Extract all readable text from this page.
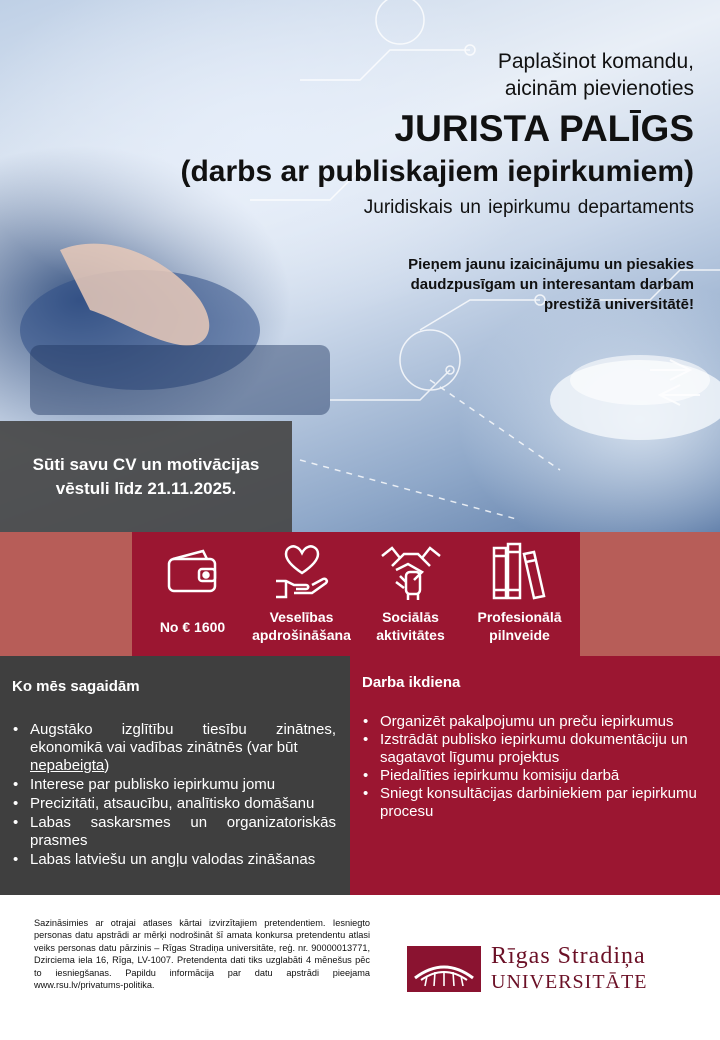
Paplašinot komandu,
aicinām pievienoties
JURISTA PALĪGS
(darbs ar publiskajiem iepirkumiem)
Juridiskais un iepirkumu departaments
Pieņem jaunu izaicinājumu un piesakies
daudzpusīgam un interesantam darbam
prestižā universitātē!
Sūti savu CV un motivācijas
vēstuli līdz 21.11.2025.
No € 1600
Veselības
apdrošināšana
Sociālās
aktivitātes
Profesionālā
pilnveide
Ko mēs sagaidām
• Augstāko izglītību tiesību zinātnes, ekonomikā vai vadības zinātnēs (var būt
nepabeigta)
• Interese par publisko iepirkumu jomu
• Precizitāti, atsaucību, analītisko domāšanu
• Labas saskarsmes un organizatoriskās prasmes
• Labas latviešu un angļu valodas zināšanas
Darba ikdiena
• Organizēt pakalpojumu un preču iepirkumus
• Izstrādāt publisko iepirkumu dokumentāciju un sagatavot līgumu projektus
• Piedalīties iepirkumu komisiju darbā
• Sniegt konsultācijas darbiniekiem par iepirkumu procesu
Sazināsimies ar otrajai atlases kārtai izvirzītajiem pretendentiem. Iesniegto personas datu apstrādi ar mērķi nodrošināt šī amata konkursa pretendentu atlasi veiks personas datu pārzinis – Rīgas Stradiņa universitāte, reģ. nr. 90000013771, Dzirciema iela 16, Rīga, LV-1007. Pretendenta dati tiks uzglabāti 4 mēnešus pēc to iesniegšanas. Papildu informācija par datu apstrādi pieejama www.rsu.lv/privatums-politika.
Rīgas Stradiņa
UNIVERSITĀTE
